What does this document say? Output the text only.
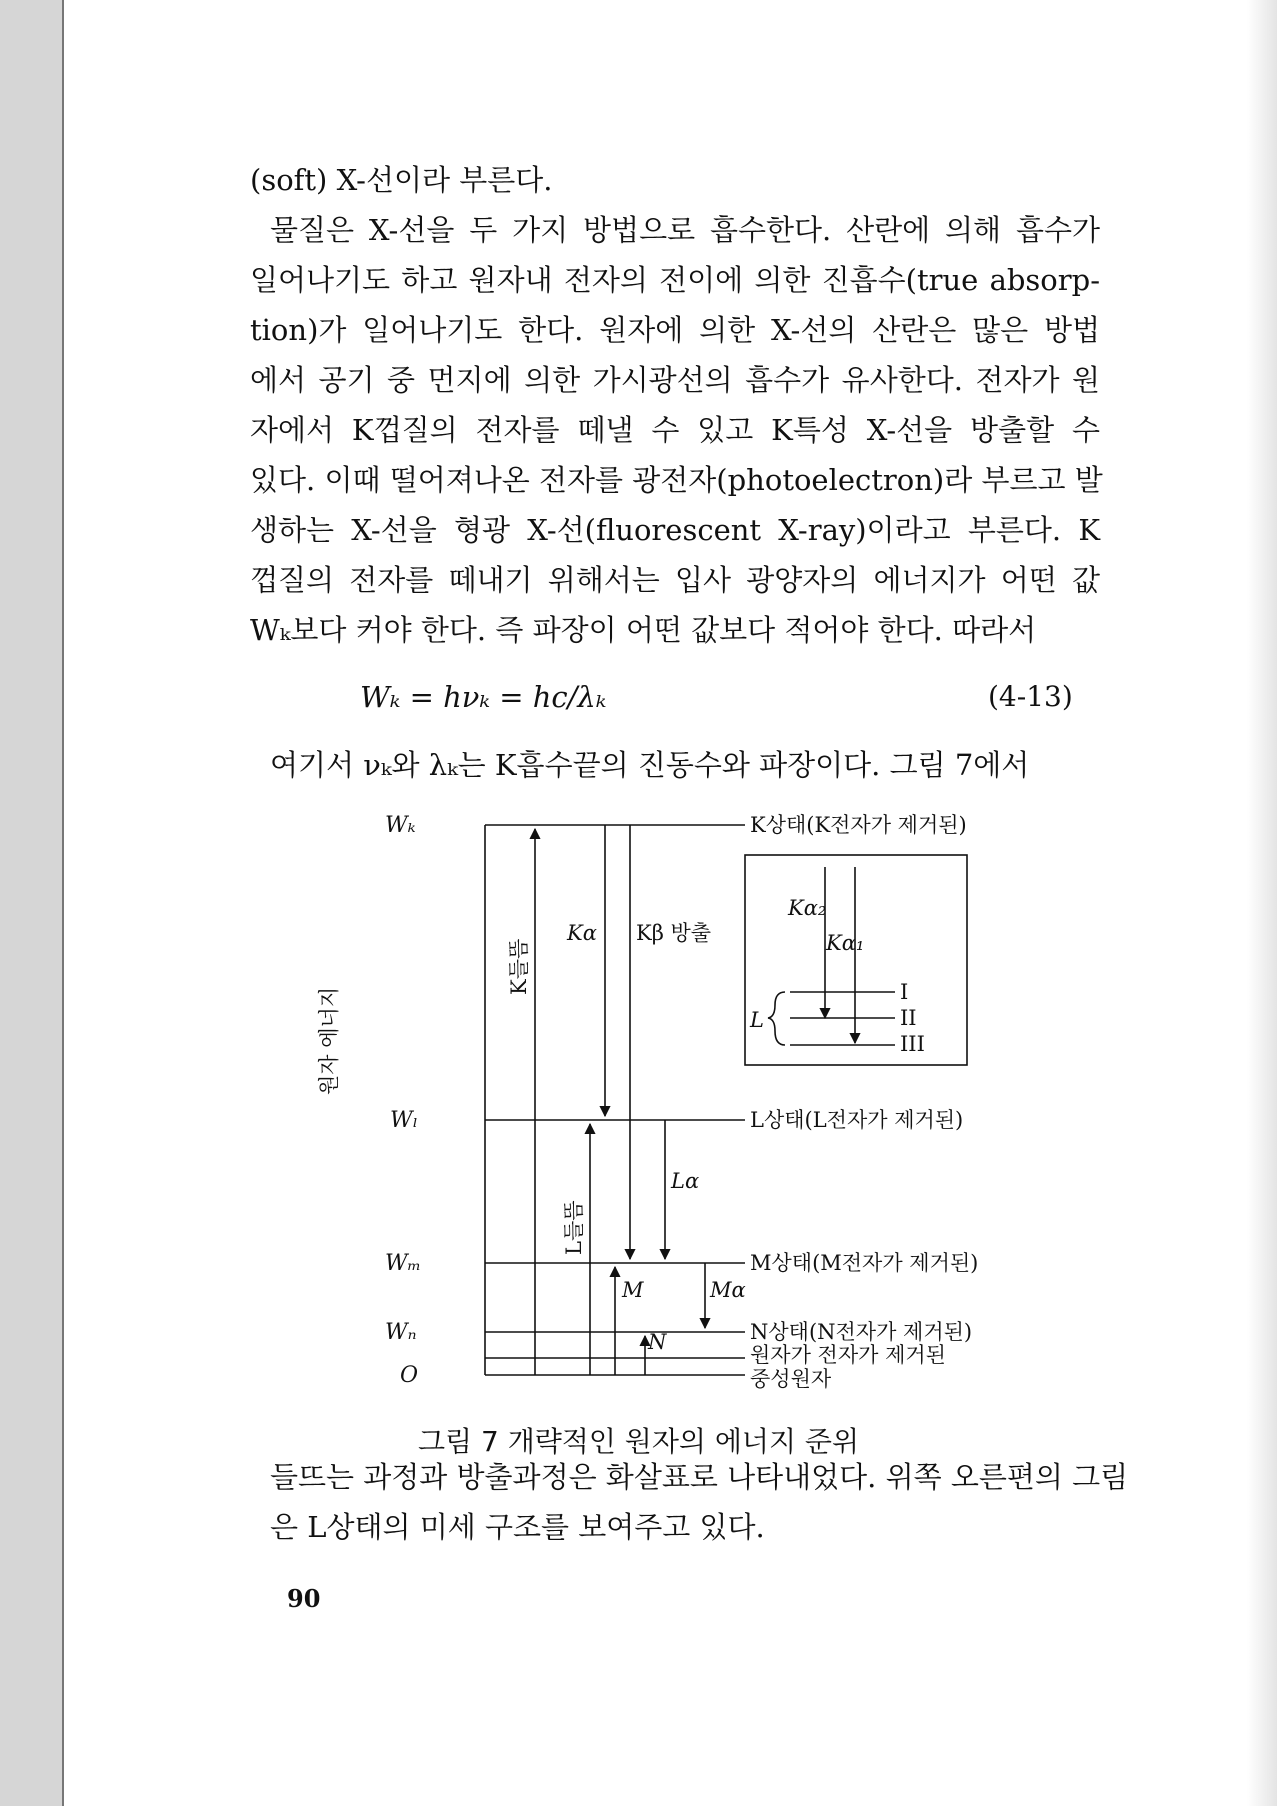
(soft) X-선이라 부른다.
물질은 X-선을 두 가지 방법으로 흡수한다. 산란에 의해 흡수가
일어나기도 하고 원자내 전자의 전이에 의한 진흡수(true absorp-
tion)가 일어나기도 한다. 원자에 의한 X-선의 산란은 많은 방법
에서 공기 중 먼지에 의한 가시광선의 흡수가 유사한다. 전자가 원
자에서 K껍질의 전자를 떼낼 수 있고 K특성 X-선을 방출할 수
있다. 이때 떨어져나온 전자를 광전자(photoelectron)라 부르고 발
생하는 X-선을 형광 X-선(fluorescent X-ray)이라고 부른다. K
껍질의 전자를 떼내기 위해서는 입사 광양자의 에너지가 어떤 값
Wₖ보다 커야 한다. 즉 파장이 어떤 값보다 적어야 한다. 따라서
Wₖ = hνₖ = hc/λₖ	(4-13)
여기서 νₖ와 λₖ는 K흡수끝의 진동수와 파장이다. 그림 7에서
Wₖ
Wₗ
Wₘ
Wₙ
O
K상태(K전자가 제거된)
L상태(L전자가 제거된)
M상태(M전자가 제거된)
N상태(N전자가 제거된)
원자가 전자가 제거된
중성원자
원자 에너지
K들뜸
L들뜸
Kα Kβ 방출
Lα
M	Mα
N
Kα₂
Kα₁
L
I
II
III
그림 7 개략적인 원자의 에너지 준위
들뜨는 과정과 방출과정은 화살표로 나타내었다. 위쪽 오른편의 그림
은 L상태의 미세 구조를 보여주고 있다.
90
